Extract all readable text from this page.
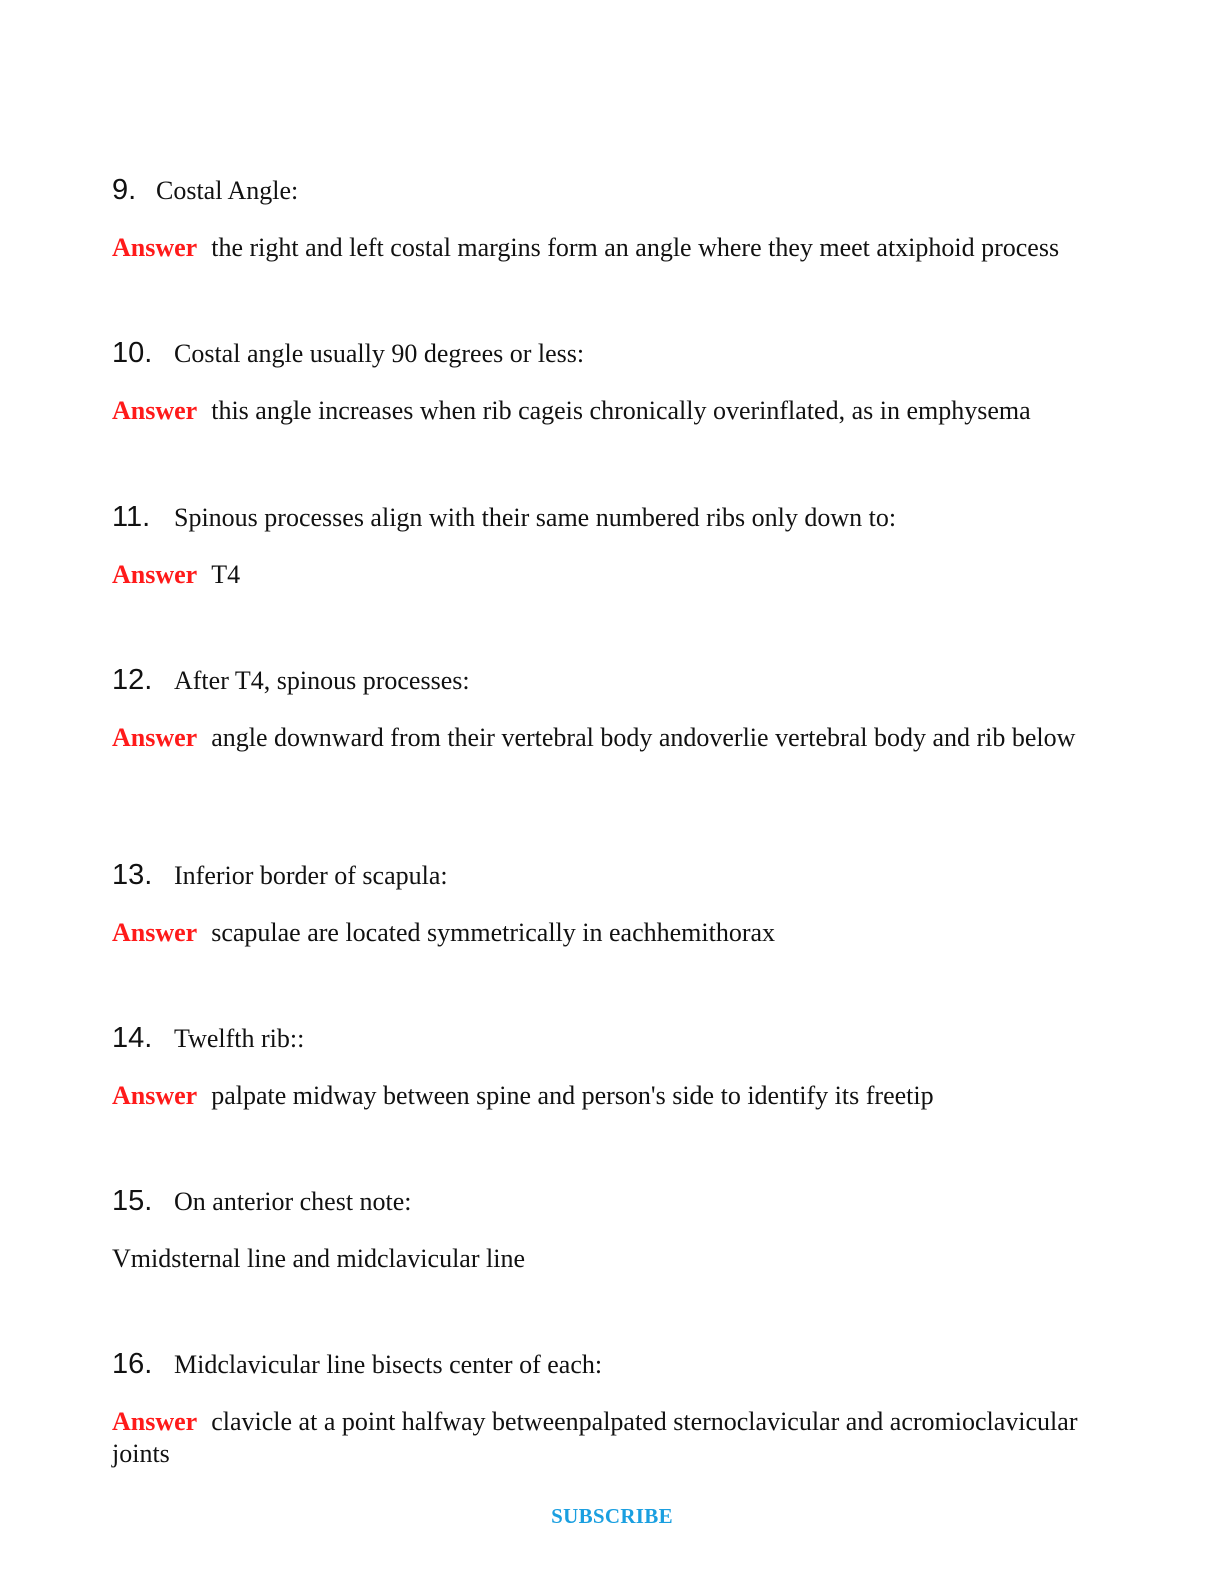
9. Costal Angle:
Answer the right and left costal margins form an angle where they meet atxiphoid process
10. Costal angle usually 90 degrees or less:
Answer this angle increases when rib cageis chronically overinflated, as in emphysema
11. Spinous processes align with their same numbered ribs only down to:
Answer T4
12. After T4, spinous processes:
Answer angle downward from their vertebral body andoverlie vertebral body and rib below
13. Inferior border of scapula:
Answer scapulae are located symmetrically in eachhemithorax
14. Twelfth rib::
Answer palpate midway between spine and person's side to identify its freetip
15. On anterior chest note:
Vmidsternal line and midclavicular line
16. Midclavicular line bisects center of each:
Answer clavicle at a point halfway betweenpalpated sternoclavicular and acromioclavicular joints
SUBSCRIBE
